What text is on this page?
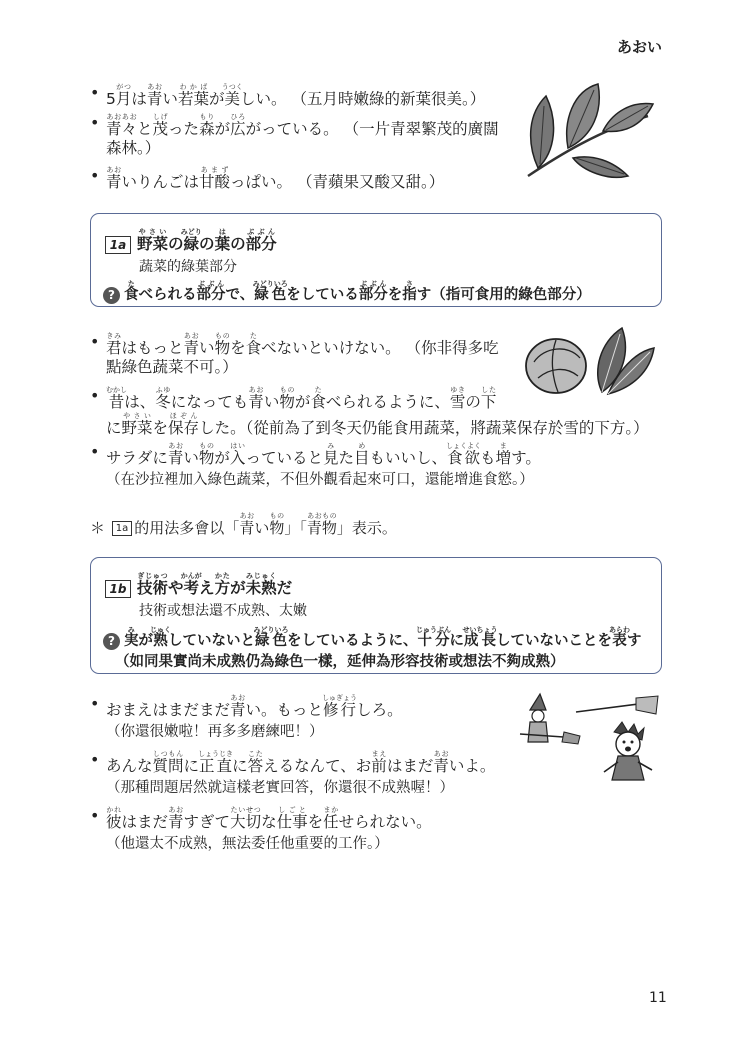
あおい
• 5月がつは青あおい若葉わかばが美うつくしい。 （五月時嫩綠的新葉很美。）
• 青々あおあおと茂しげった森もりが広ひろがっている。 （一片青翠繁茂的廣闊
森林。）
• 青あおいりんごは甘酸あまずっぱい。 （青蘋果又酸又甜。）
1a 野菜やさいの緑みどりの葉はの部分ぶぶん
蔬菜的綠葉部分
? 食たべられる部分ぶぶんで、緑色みどりいろをしている部分ぶぶんを指さす（指可食用的綠色部分）
• 君きみはもっと青あおい物ものを食たべないといけない。 （你非得多吃
點綠色蔬菜不可。）
• 昔むかしは、冬ふゆになっても青あおい物ものが食たべられるように、雪ゆきの下した
に野菜やさいを保存ほぞんした。（從前為了到冬天仍能食用蔬菜，將蔬菜保存於雪的下方。）
• サラダに青あおい物ものが入はいっていると見みた目めもいいし、食欲しょくよくも増ます。
（在沙拉裡加入綠色蔬菜，不但外觀看起來可口，還能增進食慾。）
＊ 1a 的用法多會以「青あおい物もの」「青物あおもの」表示。
1b 技術ぎじゅつや考かんがえ方かたが未熟みじゅくだ
技術或想法還不成熟、太嫩
? 実みが熟じゅくしていないと緑色みどりいろをしているように、十分じゅうぶんに成長せいちょうしていないことを表あらわす
（如同果實尚未成熟仍為綠色一樣，延伸為形容技術或想法不夠成熟）
• おまえはまだまだ青あおい。もっと修行しゅぎょうしろ。
（你還很嫩啦！再多多磨練吧！）
• あんな質問しつもんに正直しょうじきに答こたえるなんて、お前まえはまだ青あおいよ。
（那種問題居然就這樣老實回答，你還很不成熟喔！）
• 彼かれはまだ青あおすぎて大切たいせつな仕事しごとを任まかせられない。
（他還太不成熟，無法委任他重要的工作。）
11
